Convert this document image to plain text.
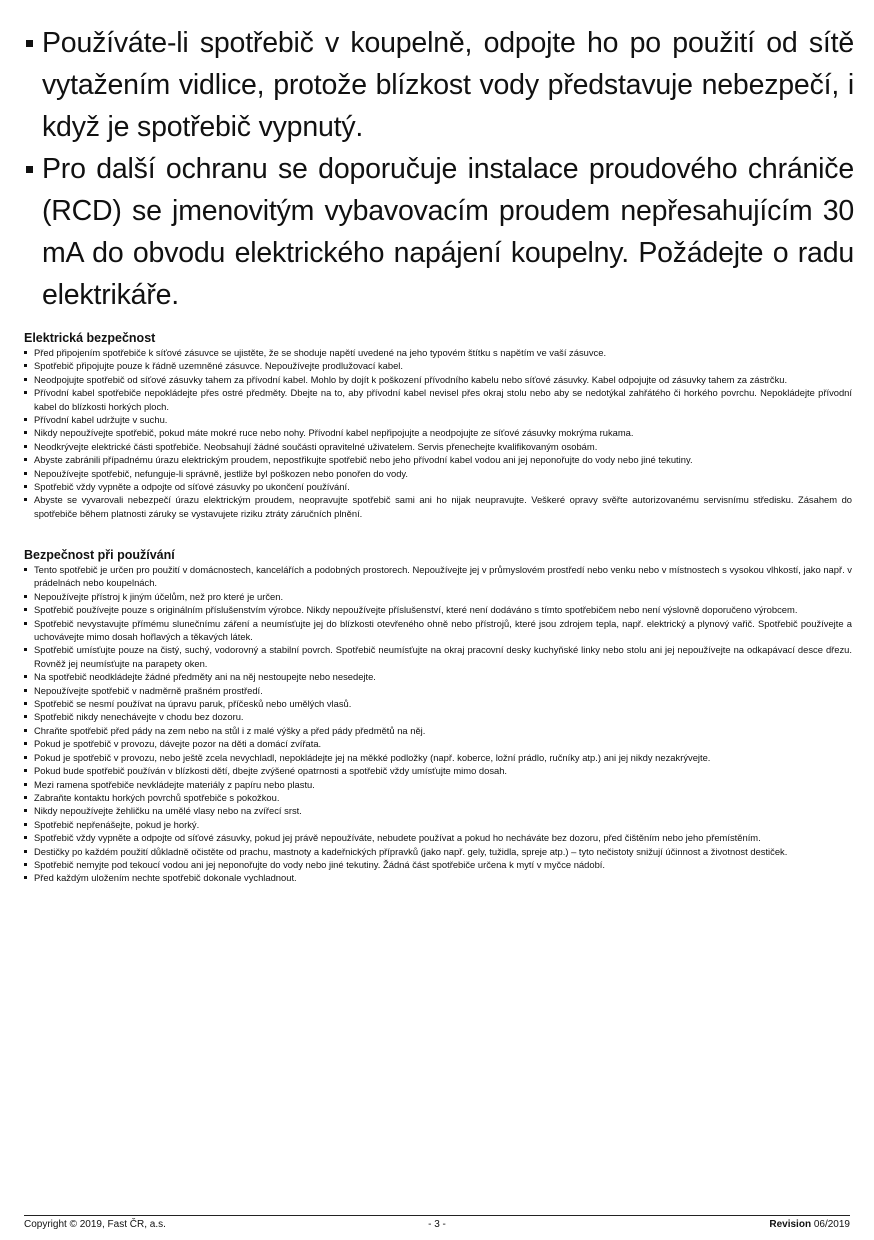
Používáte-li spotřebič v koupelně, odpojte ho po použití od sítě vytažením vidlice, protože blízkost vody představuje nebezpečí, i když je spotřebič vypnutý.
Pro další ochranu se doporučuje instalace proudového chrániče (RCD) se jmenovitým vybavovacím proudem nepřesahujícím 30 mA do obvodu elektrického napájení koupelny. Požádejte o radu elektrikáře.
Elektrická bezpečnost
Před připojením spotřebiče k síťové zásuvce se ujistěte, že se shoduje napětí uvedené na jeho typovém štítku s napětím ve vaší zásuvce.
Spotřebič připojujte pouze k řádně uzemněné zásuvce. Nepoužívejte prodlužovací kabel.
Neodpojujte spotřebič od síťové zásuvky tahem za přívodní kabel. Mohlo by dojít k poškození přívodního kabelu nebo síťové zásuvky. Kabel odpojujte od zásuvky tahem za zástrčku.
Přívodní kabel spotřebiče nepokládejte přes ostré předměty. Dbejte na to, aby přívodní kabel nevisel přes okraj stolu nebo aby se nedotýkal zahřátého či horkého povrchu. Nepokládejte přívodní kabel do blízkosti horkých ploch.
Přívodní kabel udržujte v suchu.
Nikdy nepoužívejte spotřebič, pokud máte mokré ruce nebo nohy. Přívodní kabel nepřipojujte a neodpojujte ze síťové zásuvky mokrýma rukama.
Neodkrývejte elektrické části spotřebiče. Neobsahují žádné součásti opravitelné uživatelem. Servis přenechejte kvalifikovaným osobám.
Abyste zabránili případnému úrazu elektrickým proudem, nepostřikujte spotřebič nebo jeho přívodní kabel vodou ani jej neponořujte do vody nebo jiné tekutiny.
Nepoužívejte spotřebič, nefunguje-li správně, jestliže byl poškozen nebo ponořen do vody.
Spotřebič vždy vypněte a odpojte od síťové zásuvky po ukončení používání.
Abyste se vyvarovali nebezpečí úrazu elektrickým proudem, neopravujte spotřebič sami ani ho nijak neupravujte. Veškeré opravy svěřte autorizovanému servisnímu středisku. Zásahem do spotřebiče během platnosti záruky se vystavujete riziku ztráty záručních plnění.
Bezpečnost při používání
Tento spotřebič je určen pro použití v domácnostech, kancelářích a podobných prostorech. Nepoužívejte jej v průmyslovém prostředí nebo venku nebo v místnostech s vysokou vlhkostí, jako např. v prádelnách nebo koupelnách.
Nepoužívejte přístroj k jiným účelům, než pro které je určen.
Spotřebič používejte pouze s originálním příslušenstvím výrobce. Nikdy nepoužívejte příslušenství, které není dodáváno s tímto spotřebičem nebo není výslovně doporučeno výrobcem.
Spotřebič nevystavujte přímému slunečnímu záření a neumísťujte jej do blízkosti otevřeného ohně nebo přístrojů, které jsou zdrojem tepla, např. elektrický a plynový vařič. Spotřebič používejte a uchovávejte mimo dosah hořlavých a těkavých látek.
Spotřebič umísťujte pouze na čistý, suchý, vodorovný a stabilní povrch. Spotřebič neumísťujte na okraj pracovní desky kuchyňské linky nebo stolu ani jej nepoužívejte na odkapávací desce dřezu. Rovněž jej neumísťujte na parapety oken.
Na spotřebič neodkládejte žádné předměty ani na něj nestoupejte nebo nesedejte.
Nepoužívejte spotřebič v nadměrně prašném prostředí.
Spotřebič se nesmí používat na úpravu paruk, příčesků nebo umělých vlasů.
Spotřebič nikdy nenechávejte v chodu bez dozoru.
Chraňte spotřebič před pády na zem nebo na stůl i z malé výšky a před pády předmětů na něj.
Pokud je spotřebič v provozu, dávejte pozor na děti a domácí zvířata.
Pokud je spotřebič v provozu, nebo ještě zcela nevychladl, nepokládejte jej na měkké podložky (např. koberce, ložní prádlo, ručníky atp.) ani jej nikdy nezakrývejte.
Pokud bude spotřebič používán v blízkosti dětí, dbejte zvýšené opatrnosti a spotřebič vždy umísťujte mimo dosah.
Mezi ramena spotřebiče nevkládejte materiály z papíru nebo plastu.
Zabraňte kontaktu horkých povrchů spotřebiče s pokožkou.
Nikdy nepoužívejte žehličku na umělé vlasy nebo na zvířecí srst.
Spotřebič nepřenášejte, pokud je horký.
Spotřebič vždy vypněte a odpojte od síťové zásuvky, pokud jej právě nepoužíváte, nebudete používat a pokud ho necháváte bez dozoru, před čištěním nebo jeho přemístěním.
Destičky po každém použití důkladně očistěte od prachu, mastnoty a kadeřnických přípravků (jako např. gely, tužidla, spreje atp.) – tyto nečistoty snižují účinnost a životnost destiček.
Spotřebič nemyjte pod tekoucí vodou ani jej neponořujte do vody nebo jiné tekutiny. Žádná část spotřebiče určena k mytí v myčce nádobí.
Před každým uložením nechte spotřebič dokonale vychladnout.
Copyright © 2019, Fast ČR, a.s.	- 3 -	Revision 06/2019
